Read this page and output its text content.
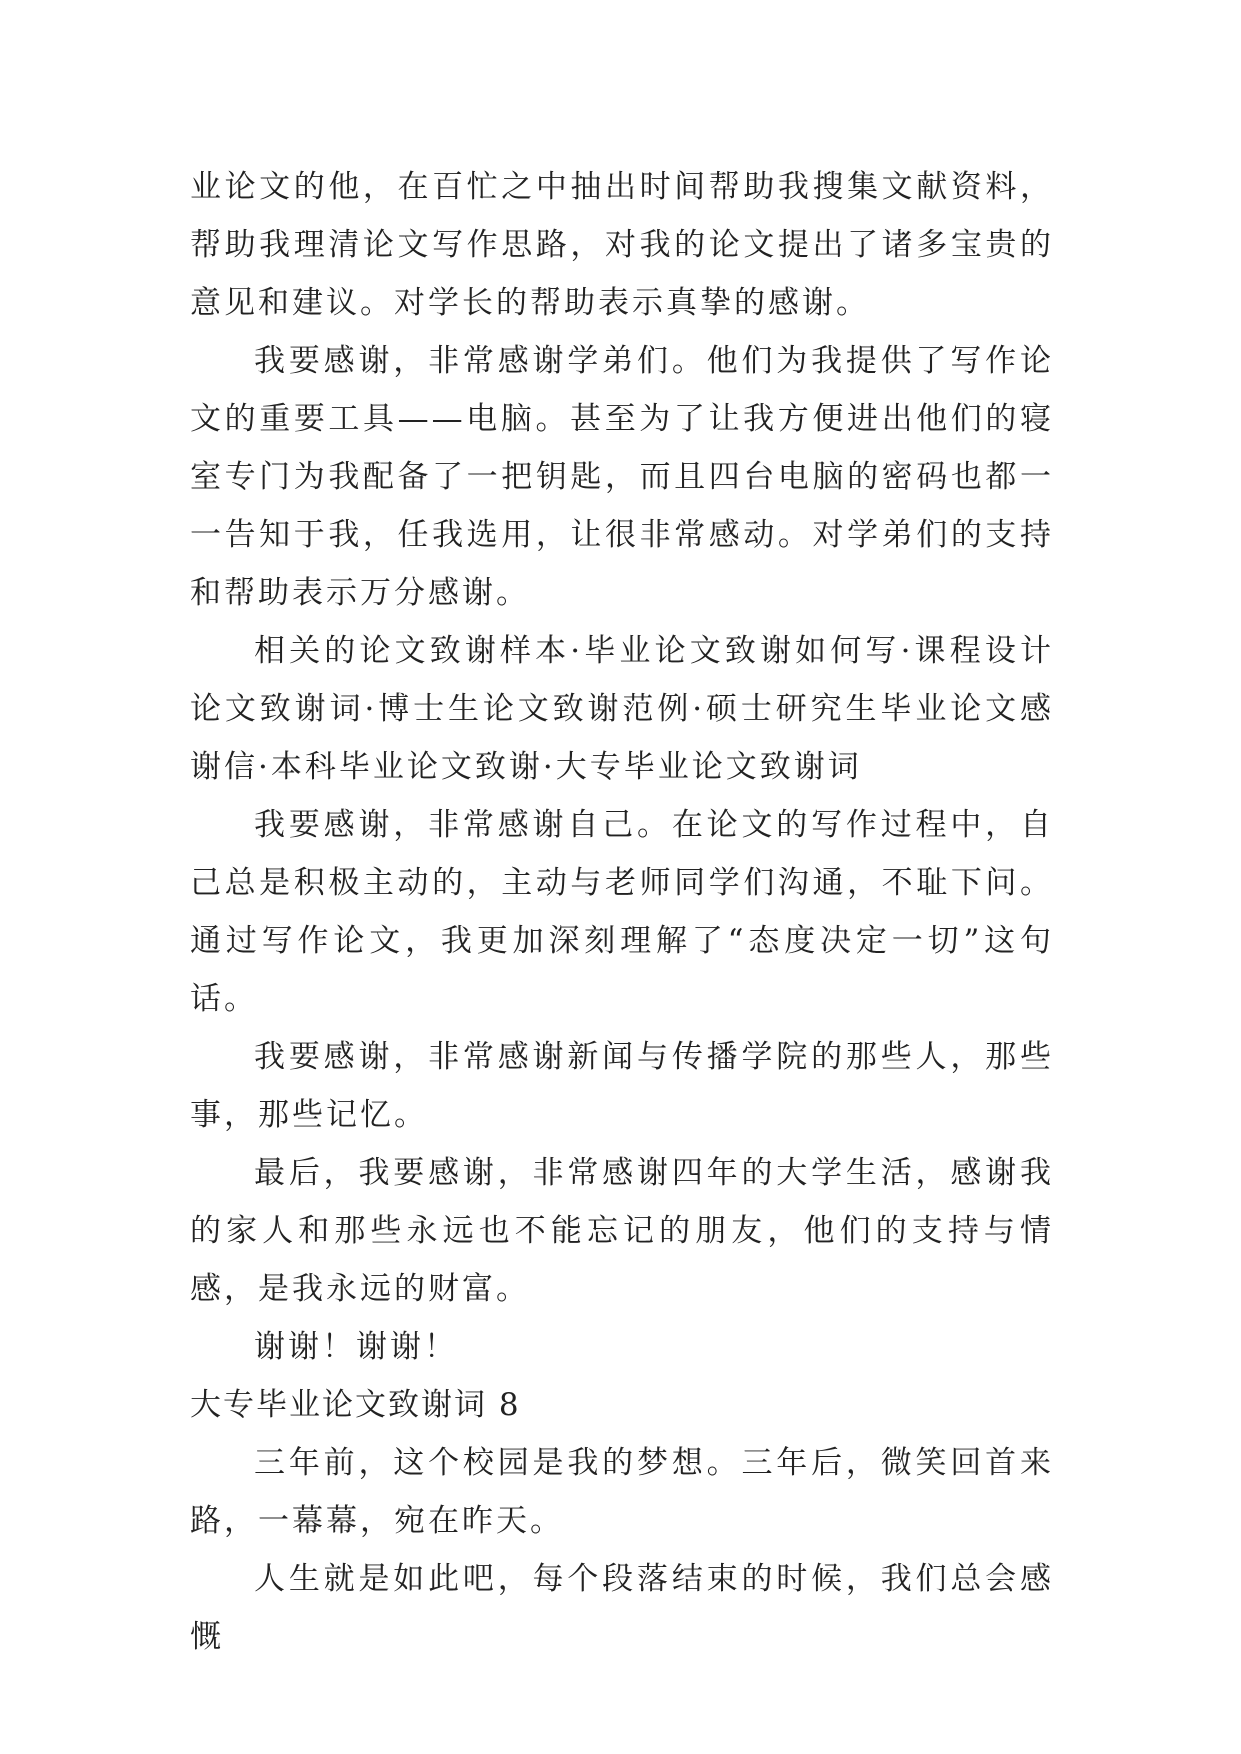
业论文的他，在百忙之中抽出时间帮助我搜集文献资料，帮助我理清论文写作思路，对我的论文提出了诸多宝贵的意见和建议。对学长的帮助表示真挚的感谢。

我要感谢，非常感谢学弟们。他们为我提供了写作论文的重要工具——电脑。甚至为了让我方便进出他们的寝室专门为我配备了一把钥匙，而且四台电脑的密码也都一一告知于我，任我选用，让很非常感动。对学弟们的支持和帮助表示万分感谢。

相关的论文致谢样本·毕业论文致谢如何写·课程设计论文致谢词·博士生论文致谢范例·硕士研究生毕业论文感谢信·本科毕业论文致谢·大专毕业论文致谢词

我要感谢，非常感谢自己。在论文的写作过程中，自己总是积极主动的，主动与老师同学们沟通，不耻下问。通过写作论文，我更加深刻理解了“态度决定一切”这句话。

我要感谢，非常感谢新闻与传播学院的那些人，那些事，那些记忆。

最后，我要感谢，非常感谢四年的大学生活，感谢我的家人和那些永远也不能忘记的朋友，他们的支持与情感，是我永远的财富。

谢谢！谢谢！

大专毕业论文致谢词 8

三年前，这个校园是我的梦想。三年后，微笑回首来路，一幕幕，宛在昨天。

人生就是如此吧，每个段落结束的时候，我们总会感慨
